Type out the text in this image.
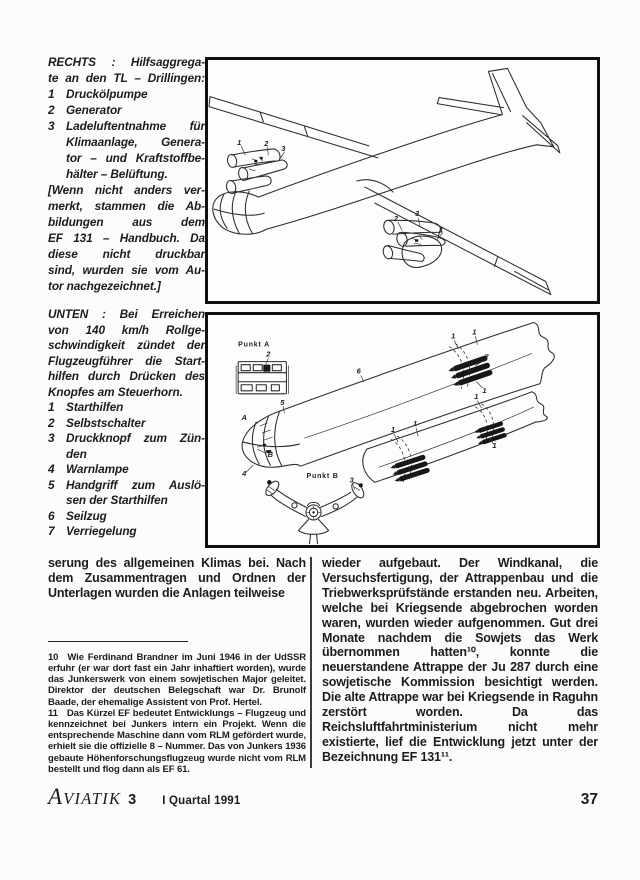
RECHTS : Hilfsaggrega-
te an den TL – Drillingen:
1  Druckölpumpe
2  Generator
3  Ladeluftentnahme für
Klimaanlage, Genera-
tor – und Kraftstoffbe-
hälter – Belüftung.
[Wenn nicht anders ver-
merkt, stammen die Ab-
bildungen aus dem
EF 131 – Handbuch. Da
diese nicht druckbar
sind, wurden sie vom Au-
tor nachgezeichnet.]
1	2
3
2
3
1
UNTEN : Bei Erreichen
von 140 km/h Rollge-
schwindigkeit zündet der
Flugzeugführer die Start-
hilfen durch Drücken des
Knopfes am Steuerhorn.
1  Starthilfen
2  Selbstschalter
3  Druckknopf zum Zün-
den
4  Warnlampe
5  Handgriff zum Auslö-
sen der Starthilfen
6  Seilzug
7  Verriegelung
Punkt A
2
1 1
7
1
6
5
A
B
4
1
1
1
1
Punkt B 3

serung des allgemeinen Klimas bei. Nach dem Zusammentragen und Ordnen der Unterlagen wurden die Anlagen teilweise

10 Wie Ferdinand Brandner im Juni 1946 in der UdSSR erfuhr (er war dort fast ein Jahr inhaftiert worden), wurde das Junkerswerk von einem sowjetischen Major geleitet. Direktor der deutschen Belegschaft war Dr. Brunolf Baade, der ehemalige Assistent von Prof. Hertel.

11 Das Kürzel EF bedeutet Entwicklungs – Flugzeug und kennzeichnet bei Junkers intern ein Projekt. Wenn die entsprechende Maschine dann vom RLM gefördert wurde, erhielt sie die offizielle 8 – Nummer. Das von Junkers 1936 gebaute Höhenforschungsflugzeug wurde nicht vom RLM bestellt und flog dann als EF 61.

wieder aufgebaut. Der Windkanal, die Versuchsfertigung, der Attrappenbau und die Triebwerksprüfstände erstanden neu. Arbeiten, welche bei Kriegsende abgebrochen worden waren, wurden wieder aufgenommen. Gut drei Monate nachdem die Sowjets das Werk übernommen hatten¹⁰, konnte die neuerstandene Attrappe der Ju 287 durch eine sowjetische Kommission besichtigt werden. Die alte Attrappe war bei Kriegsende in Raguhn zerstört worden. Da das Reichsluftfahrtministerium nicht mehr existierte, lief die Entwicklung jetzt unter der Bezeichnung EF 131¹¹.

AVIATIK 3 I Quartal 1991	37
